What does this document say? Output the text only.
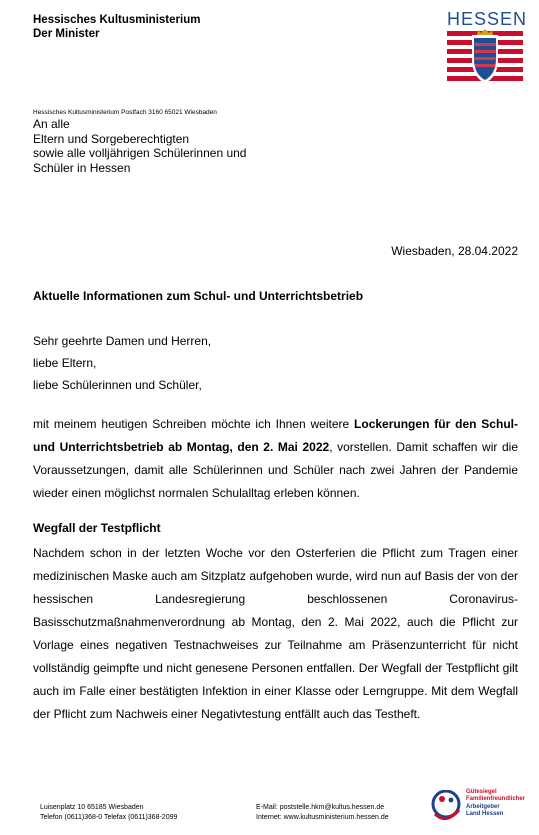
Hessisches Kultusministerium
Der Minister
HESSEN
Hessisches Kultusministerium Postfach 3160 65021 Wiesbaden
An alle
Eltern und Sorgeberechtigten
sowie alle volljährigen Schülerinnen und
Schüler in Hessen
Wiesbaden, 28.04.2022
Aktuelle Informationen zum Schul- und Unterrichtsbetrieb
Sehr geehrte Damen und Herren,
liebe Eltern,
liebe Schülerinnen und Schüler,
mit meinem heutigen Schreiben möchte ich Ihnen weitere Lockerungen für den Schul- und Unterrichtsbetrieb ab Montag, den 2. Mai 2022, vorstellen. Damit schaffen wir die Voraussetzungen, damit alle Schülerinnen und Schüler nach zwei Jahren der Pandemie wieder einen möglichst normalen Schulalltag erleben können.
Wegfall der Testpflicht
Nachdem schon in der letzten Woche vor den Osterferien die Pflicht zum Tragen einer medizinischen Maske auch am Sitzplatz aufgehoben wurde, wird nun auf Basis der von der hessischen Landesregierung beschlossenen Coronavirus-Basisschutzmaßnahmenverordnung ab Montag, den 2. Mai 2022, auch die Pflicht zur Vorlage eines negativen Testnachweises zur Teilnahme am Präsenzunterricht für nicht vollständig geimpfte und nicht genesene Personen entfallen. Der Wegfall der Testpflicht gilt auch im Falle einer bestätigten Infektion in einer Klasse oder Lerngruppe. Mit dem Wegfall der Pflicht zum Nachweis einer Negativtestung entfällt auch das Testheft.
Luisenplatz 10 65185 Wiesbaden
Telefon (0611)368-0 Telefax (0611)368-2099
E-Mail: poststelle.hkm@kultus.hessen.de
Internet: www.kultusministerium.hessen.de
Gütesiegel
Familienfreundlicher
Arbeitgeber
Land Hessen
